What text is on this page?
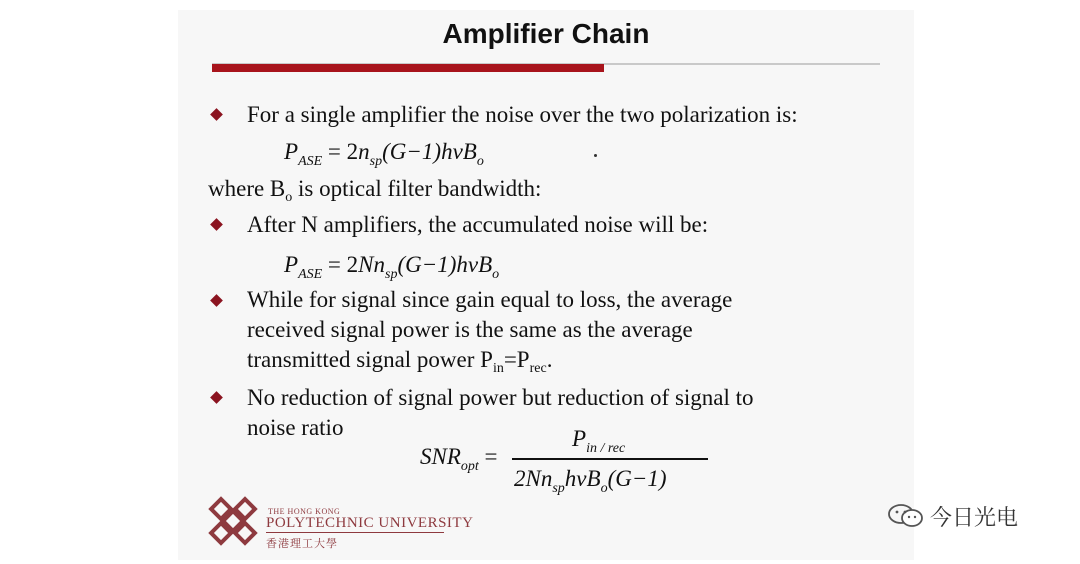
Amplifier Chain
For a single amplifier the noise over the two polarization is:
$P_{ASE} = 2n_{sp}(G-1)h\nu B_o$
where $B_o$ is optical filter bandwidth:
After N amplifiers, the accumulated noise will be:
$P_{ASE} = 2Nn_{sp}(G-1)h\nu B_o$
While for signal since gain equal to loss, the average
received signal power is the same as the average
transmitted signal power $P_{in}=P_{rec}$.
No reduction of signal power but reduction of signal to
noise ratio
$SNR_{opt}$ =
$P_{in / rec}$
$2Nn_{sp}h\nu B_o(G-1)$
THE HONG KONG
POLYTECHNIC UNIVERSITY
香港理工大學
今日光电
